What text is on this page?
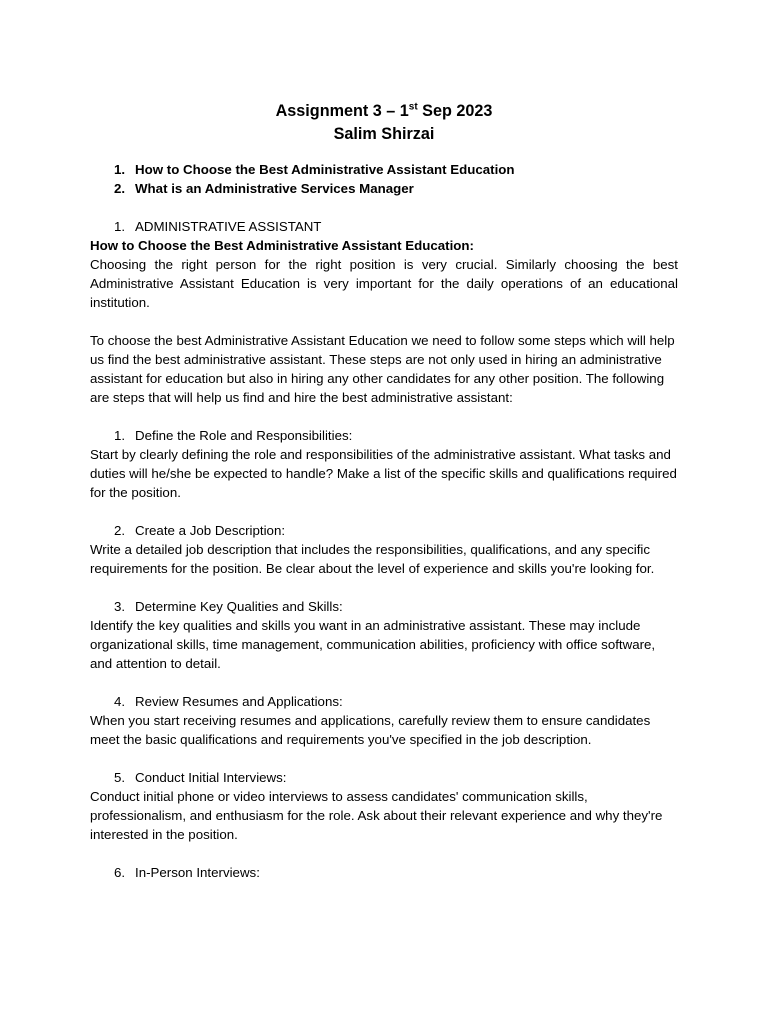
Assignment 3 – 1st Sep 2023

Salim Shirzai

1. How to Choose the Best Administrative Assistant Education
2. What is an Administrative Services Manager
1. ADMINISTRATIVE ASSISTANT

How to Choose the Best Administrative Assistant Education:

Choosing the right person for the right position is very crucial. Similarly choosing the best Administrative Assistant Education is very important for the daily operations of an educational institution.

To choose the best Administrative Assistant Education we need to follow some steps which will help us find the best administrative assistant. These steps are not only used in hiring an administrative assistant for education but also in hiring any other candidates for any other position. The following are steps that will help us find and hire the best administrative assistant:

1. Define the Role and Responsibilities:

Start by clearly defining the role and responsibilities of the administrative assistant. What tasks and duties will he/she be expected to handle? Make a list of the specific skills and qualifications required for the position.

2. Create a Job Description:

Write a detailed job description that includes the responsibilities, qualifications, and any specific requirements for the position. Be clear about the level of experience and skills you're looking for.

3. Determine Key Qualities and Skills:

Identify the key qualities and skills you want in an administrative assistant. These may include organizational skills, time management, communication abilities, proficiency with office software, and attention to detail.

4. Review Resumes and Applications:

When you start receiving resumes and applications, carefully review them to ensure candidates meet the basic qualifications and requirements you've specified in the job description.

5. Conduct Initial Interviews:

Conduct initial phone or video interviews to assess candidates' communication skills, professionalism, and enthusiasm for the role. Ask about their relevant experience and why they're interested in the position.

6. In-Person Interviews:
